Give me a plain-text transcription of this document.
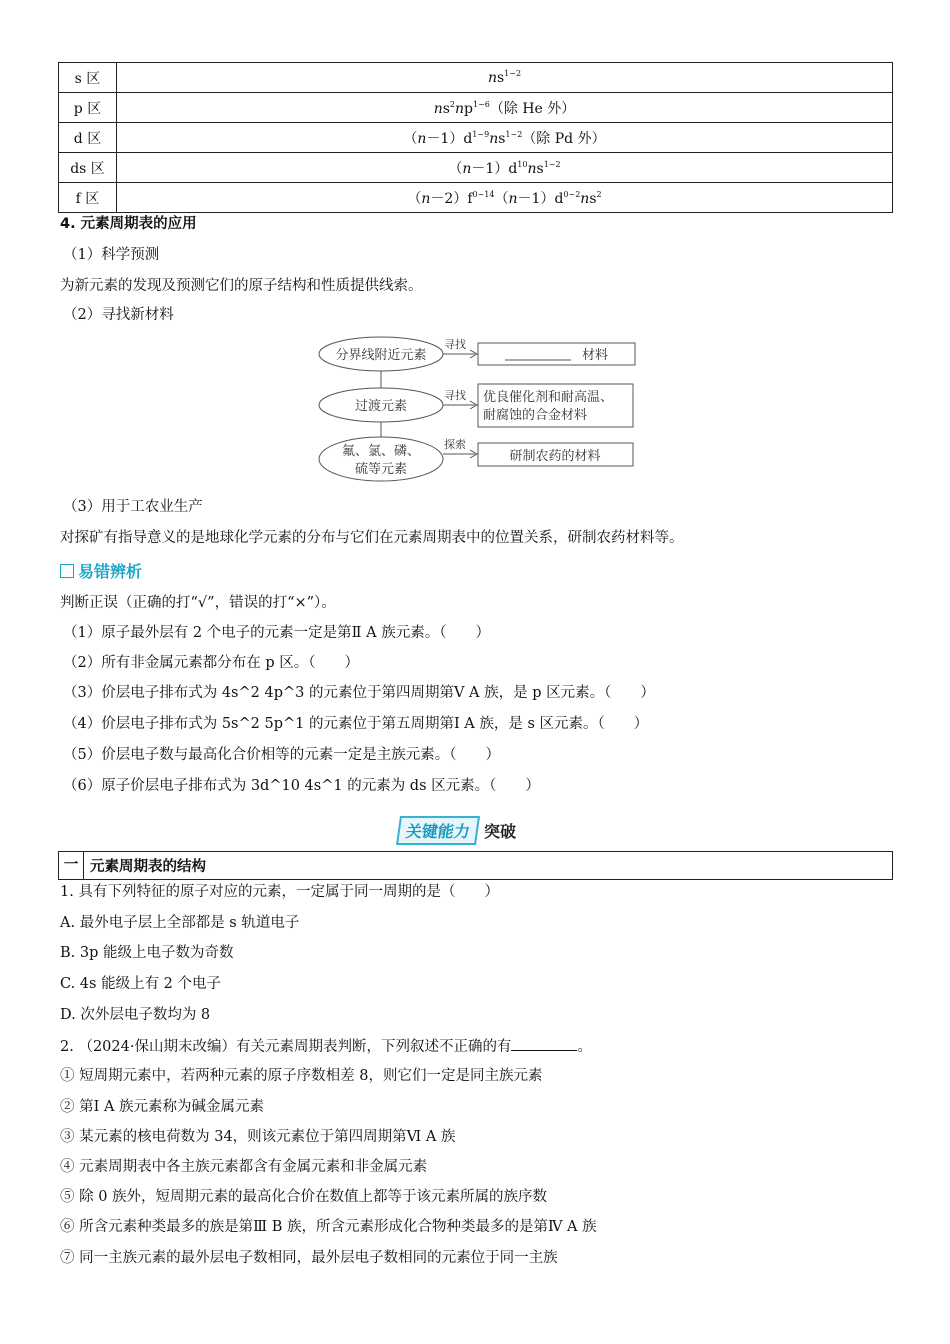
s 区	$ns^{1\sim 2}$
p 区	$ns^2np^{1\sim 6}$（除 He 外）
d 区	$(n-1)d^{1\sim 9}ns^{1\sim 2}$（除 Pd 外）
ds 区	$(n-1)d^{10}ns^{1\sim 2}$
f 区	$(n-2)f^{0\sim 14}(n-1)d^{0\sim 2}ns^2$
4. 元素周期表的应用
（1）科学预测
为新元素的发现及预测它们的原子结构和性质提供线索。
（2）寻找新材料
分界线附近元素
过渡元素
氟、氯、磷、
硫等元素
寻找
寻找
探索
材料
优良催化剂和耐高温、
耐腐蚀的合金材料
研制农药的材料
（3）用于工农业生产
对探矿有指导意义的是地球化学元素的分布与它们在元素周期表中的位置关系，研制农药材料等。
易错辨析
判断正误（正确的打“√”，错误的打“×”）。
（1）原子最外层有 2 个电子的元素一定是第Ⅱ A 族元素。（　　）
（2）所有非金属元素都分布在 p 区。（　　）
（3）价层电子排布式为 4s^2 4p^3 的元素位于第四周期第Ⅴ A 族，是 p 区元素。（　　）
（4）价层电子排布式为 5s^2 5p^1 的元素位于第五周期第Ⅰ A 族，是 s 区元素。（　　）
（5）价层电子数与最高化合价相等的元素一定是主族元素。（　　）
（6）原子价层电子排布式为 3d^10 4s^1 的元素为 ds 区元素。（　　）
关键能力 突破
一 元素周期表的结构
1. 具有下列特征的原子对应的元素，一定属于同一周期的是（　　）
A. 最外电子层上全部都是 s 轨道电子
B. 3p 能级上电子数为奇数
C. 4s 能级上有 2 个电子
D. 次外层电子数均为 8
2. （2024·保山期末改编）有关元素周期表判断，下列叙述不正确的有	。
① 短周期元素中，若两种元素的原子序数相差 8，则它们一定是同主族元素
② 第Ⅰ A 族元素称为碱金属元素
③ 某元素的核电荷数为 34，则该元素位于第四周期第Ⅵ A 族
④ 元素周期表中各主族元素都含有金属元素和非金属元素
⑤ 除 0 族外，短周期元素的最高化合价在数值上都等于该元素所属的族序数
⑥ 所含元素种类最多的族是第Ⅲ B 族，所含元素形成化合物种类最多的是第Ⅳ A 族
⑦ 同一主族元素的最外层电子数相同，最外层电子数相同的元素位于同一主族
